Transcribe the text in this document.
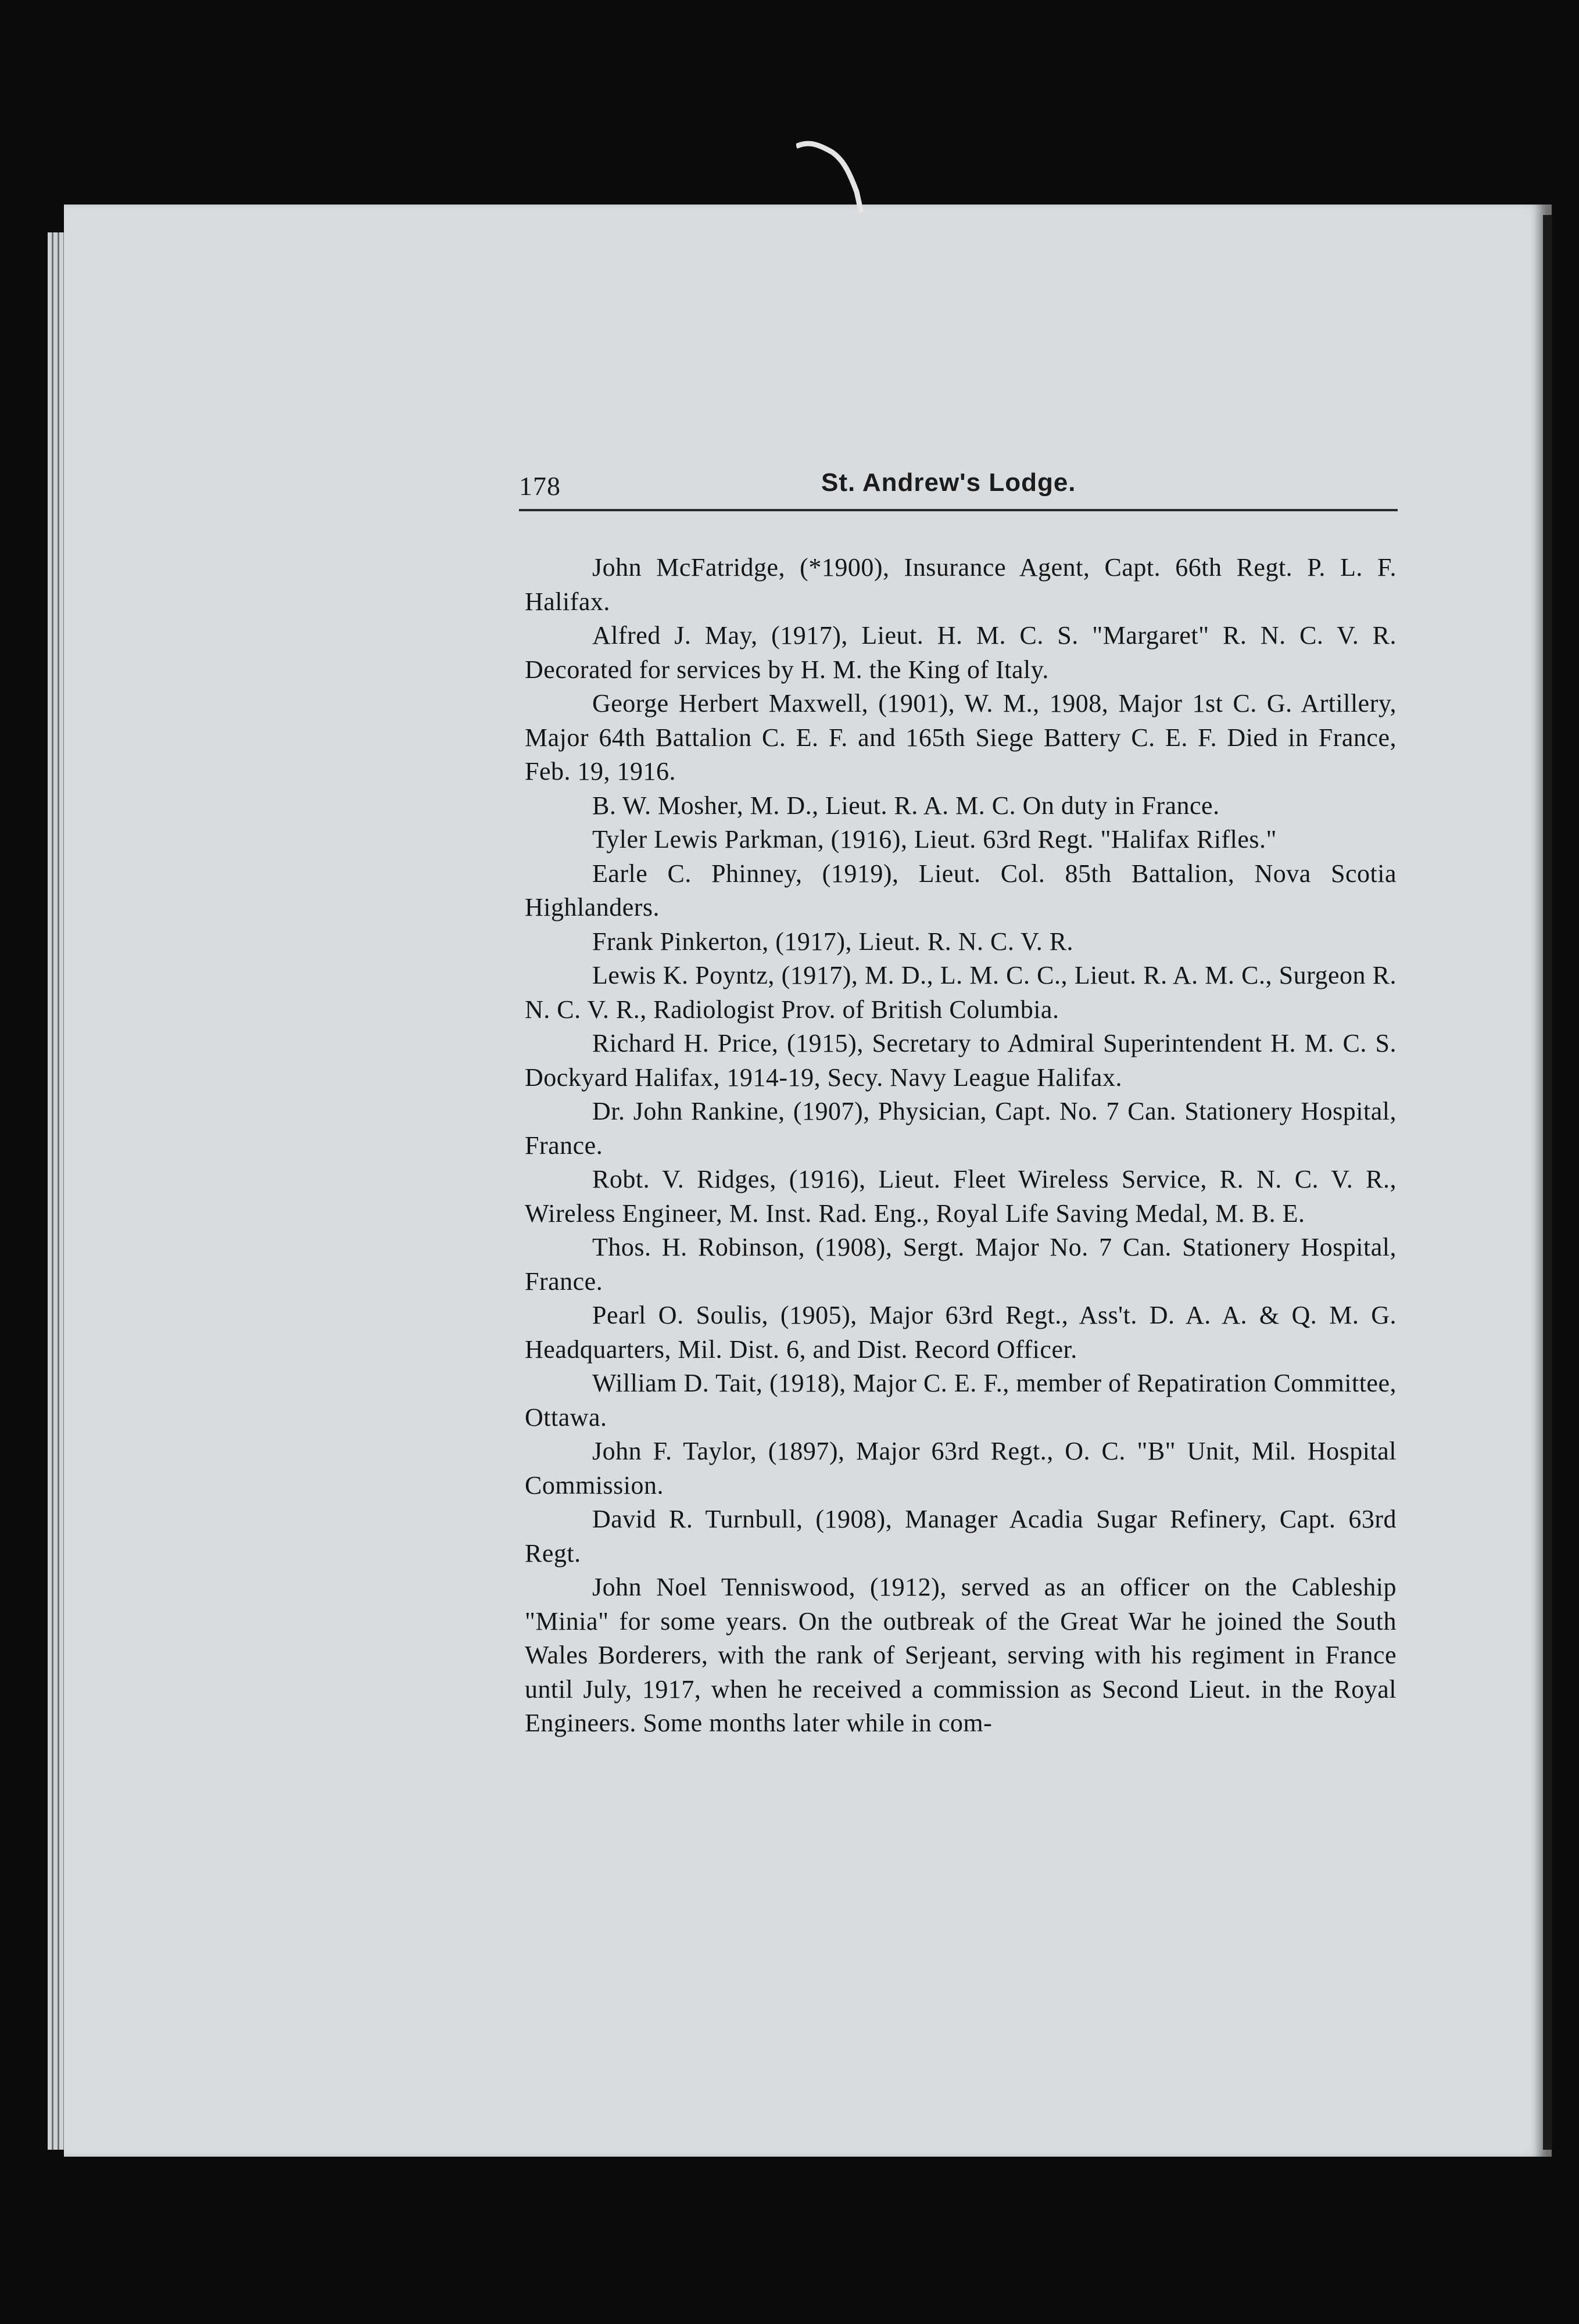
178	St. Andrew's Lodge.

John McFatridge, (*1900), Insurance Agent, Capt. 66th Regt. P. L. F. Halifax.

Alfred J. May, (1917), Lieut. H. M. C. S. "Margaret" R. N. C. V. R. Decorated for services by H. M. the King of Italy.

George Herbert Maxwell, (1901), W. M., 1908, Major 1st C. G. Artillery, Major 64th Battalion C. E. F. and 165th Siege Battery C. E. F. Died in France, Feb. 19, 1916.

B. W. Mosher, M. D., Lieut. R. A. M. C. On duty in France.

Tyler Lewis Parkman, (1916), Lieut. 63rd Regt. "Halifax Rifles."

Earle C. Phinney, (1919), Lieut. Col. 85th Battalion, Nova Scotia Highlanders.

Frank Pinkerton, (1917), Lieut. R. N. C. V. R.

Lewis K. Poyntz, (1917), M. D., L. M. C. C., Lieut. R. A. M. C., Surgeon R. N. C. V. R., Radiologist Prov. of British Columbia.

Richard H. Price, (1915), Secretary to Admiral Superintendent H. M. C. S. Dockyard Halifax, 1914-19, Secy. Navy League Halifax.

Dr. John Rankine, (1907), Physician, Capt. No. 7 Can. Stationery Hospital, France.

Robt. V. Ridges, (1916), Lieut. Fleet Wireless Service, R. N. C. V. R., Wireless Engineer, M. Inst. Rad. Eng., Royal Life Saving Medal, M. B. E.

Thos. H. Robinson, (1908), Sergt. Major No. 7 Can. Stationery Hospital, France.

Pearl O. Soulis, (1905), Major 63rd Regt., Ass't. D. A. A. & Q. M. G. Headquarters, Mil. Dist. 6, and Dist. Record Officer.

William D. Tait, (1918), Major C. E. F., member of Repatiration Committee, Ottawa.

John F. Taylor, (1897), Major 63rd Regt., O. C. "B" Unit, Mil. Hospital Commission.

David R. Turnbull, (1908), Manager Acadia Sugar Refinery, Capt. 63rd Regt.

John Noel Tenniswood, (1912), served as an officer on the Cableship "Minia" for some years. On the outbreak of the Great War he joined the South Wales Borderers, with the rank of Serjeant, serving with his regiment in France until July, 1917, when he received a commission as Second Lieut. in the Royal Engineers. Some months later while in com-
